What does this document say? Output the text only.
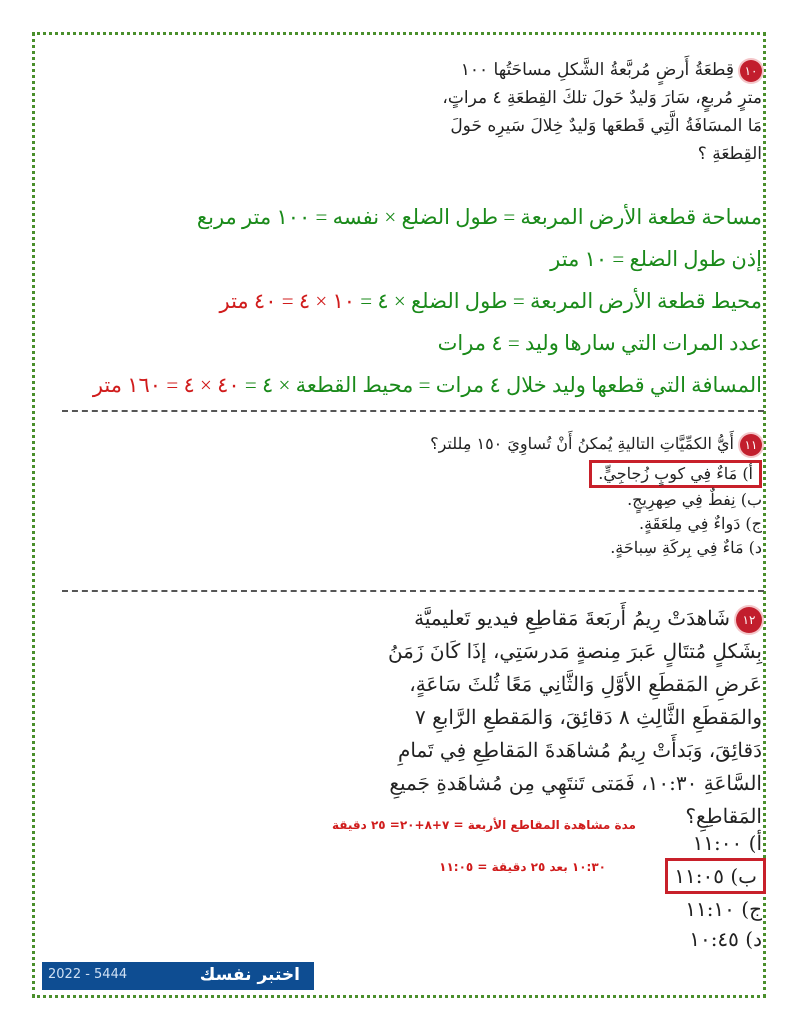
١٠قِطعَةُ أَرضٍ مُربَّعةُ الشَّكلِ مساحَتُها ١٠٠
مترٍ مُربعٍ، سَارَ وَليدٌ حَولَ تلكَ القِطعَةِ ٤ مراتٍ،
مَا المسَافَةُ الَّتِي قَطعَها وَليدٌ خِلالَ سَيرِه حَولَ
القِطعَةِ ؟

مساحة قطعة الأرض المربعة = طول الضلع × نفسه = ١٠٠ متر مربع

إذن طول الضلع = ١٠ متر

محيط قطعة الأرض المربعة = طول الضلع × ٤ = ١٠ × ٤ = ٤٠ متر

عدد المرات التي سارها وليد = ٤ مرات

المسافة التي قطعها وليد خلال ٤ مرات = محيط القطعة × ٤ = ٤٠ × ٤ = ١٦٠ متر

١١أَيُّ الكمِّيَّاتِ التاليةِ يُمكنُ أَنْ تُساوِيَ ١٥٠ مِللتر؟
أ) مَاءٌ فِي كوبٍ زُجاجِيٍّ.
ب) نِفطٌ فِي صِهرِيجٍ.
ج) دَواءٌ فِي مِلعَقَةٍ.
د) مَاءٌ فِي بِركَةِ سِباحَةٍ.
١٢شَاهدَتْ رِيمُ أَربَعةَ مَقاطِعِ فيديو تَعليميَّة
بِشَكلٍ مُتتَالٍ عَبرَ مِنصةٍ مَدرسَتِي، إذَا كَانَ زَمَنُ
عَرضِ المَقطَعِ الأوَّلِ وَالثَّانِي مَعًا ثُلثَ سَاعَةٍ،
والمَقطَعِ الثَّالِثِ ٨ دَقائِقَ، وَالمَقطعِ الرَّابعِ ٧
دَقائِقَ، وَبَدأَتْ رِيمُ مُشاهَدةَ المَقاطِعِ فِي تَمامِ
السَّاعَةِ ١٠:٣٠، فَمَتى تَنتَهِي مِن مُشاهَدةِ جَميعِ
المَقاطِعِ؟
أ) ١١:٠٠
ب) ١١:٠٥
ج) ١١:١٠
د) ١٠:٤٥
مدة مشاهدة المقاطع الأربعة = ٧+٨+٢٠= ٢٥ دقيقة
١٠:٣٠ بعد ٢٥ دقيقة = ١١:٠٥
2022 - 5444	اختبر نفسك
